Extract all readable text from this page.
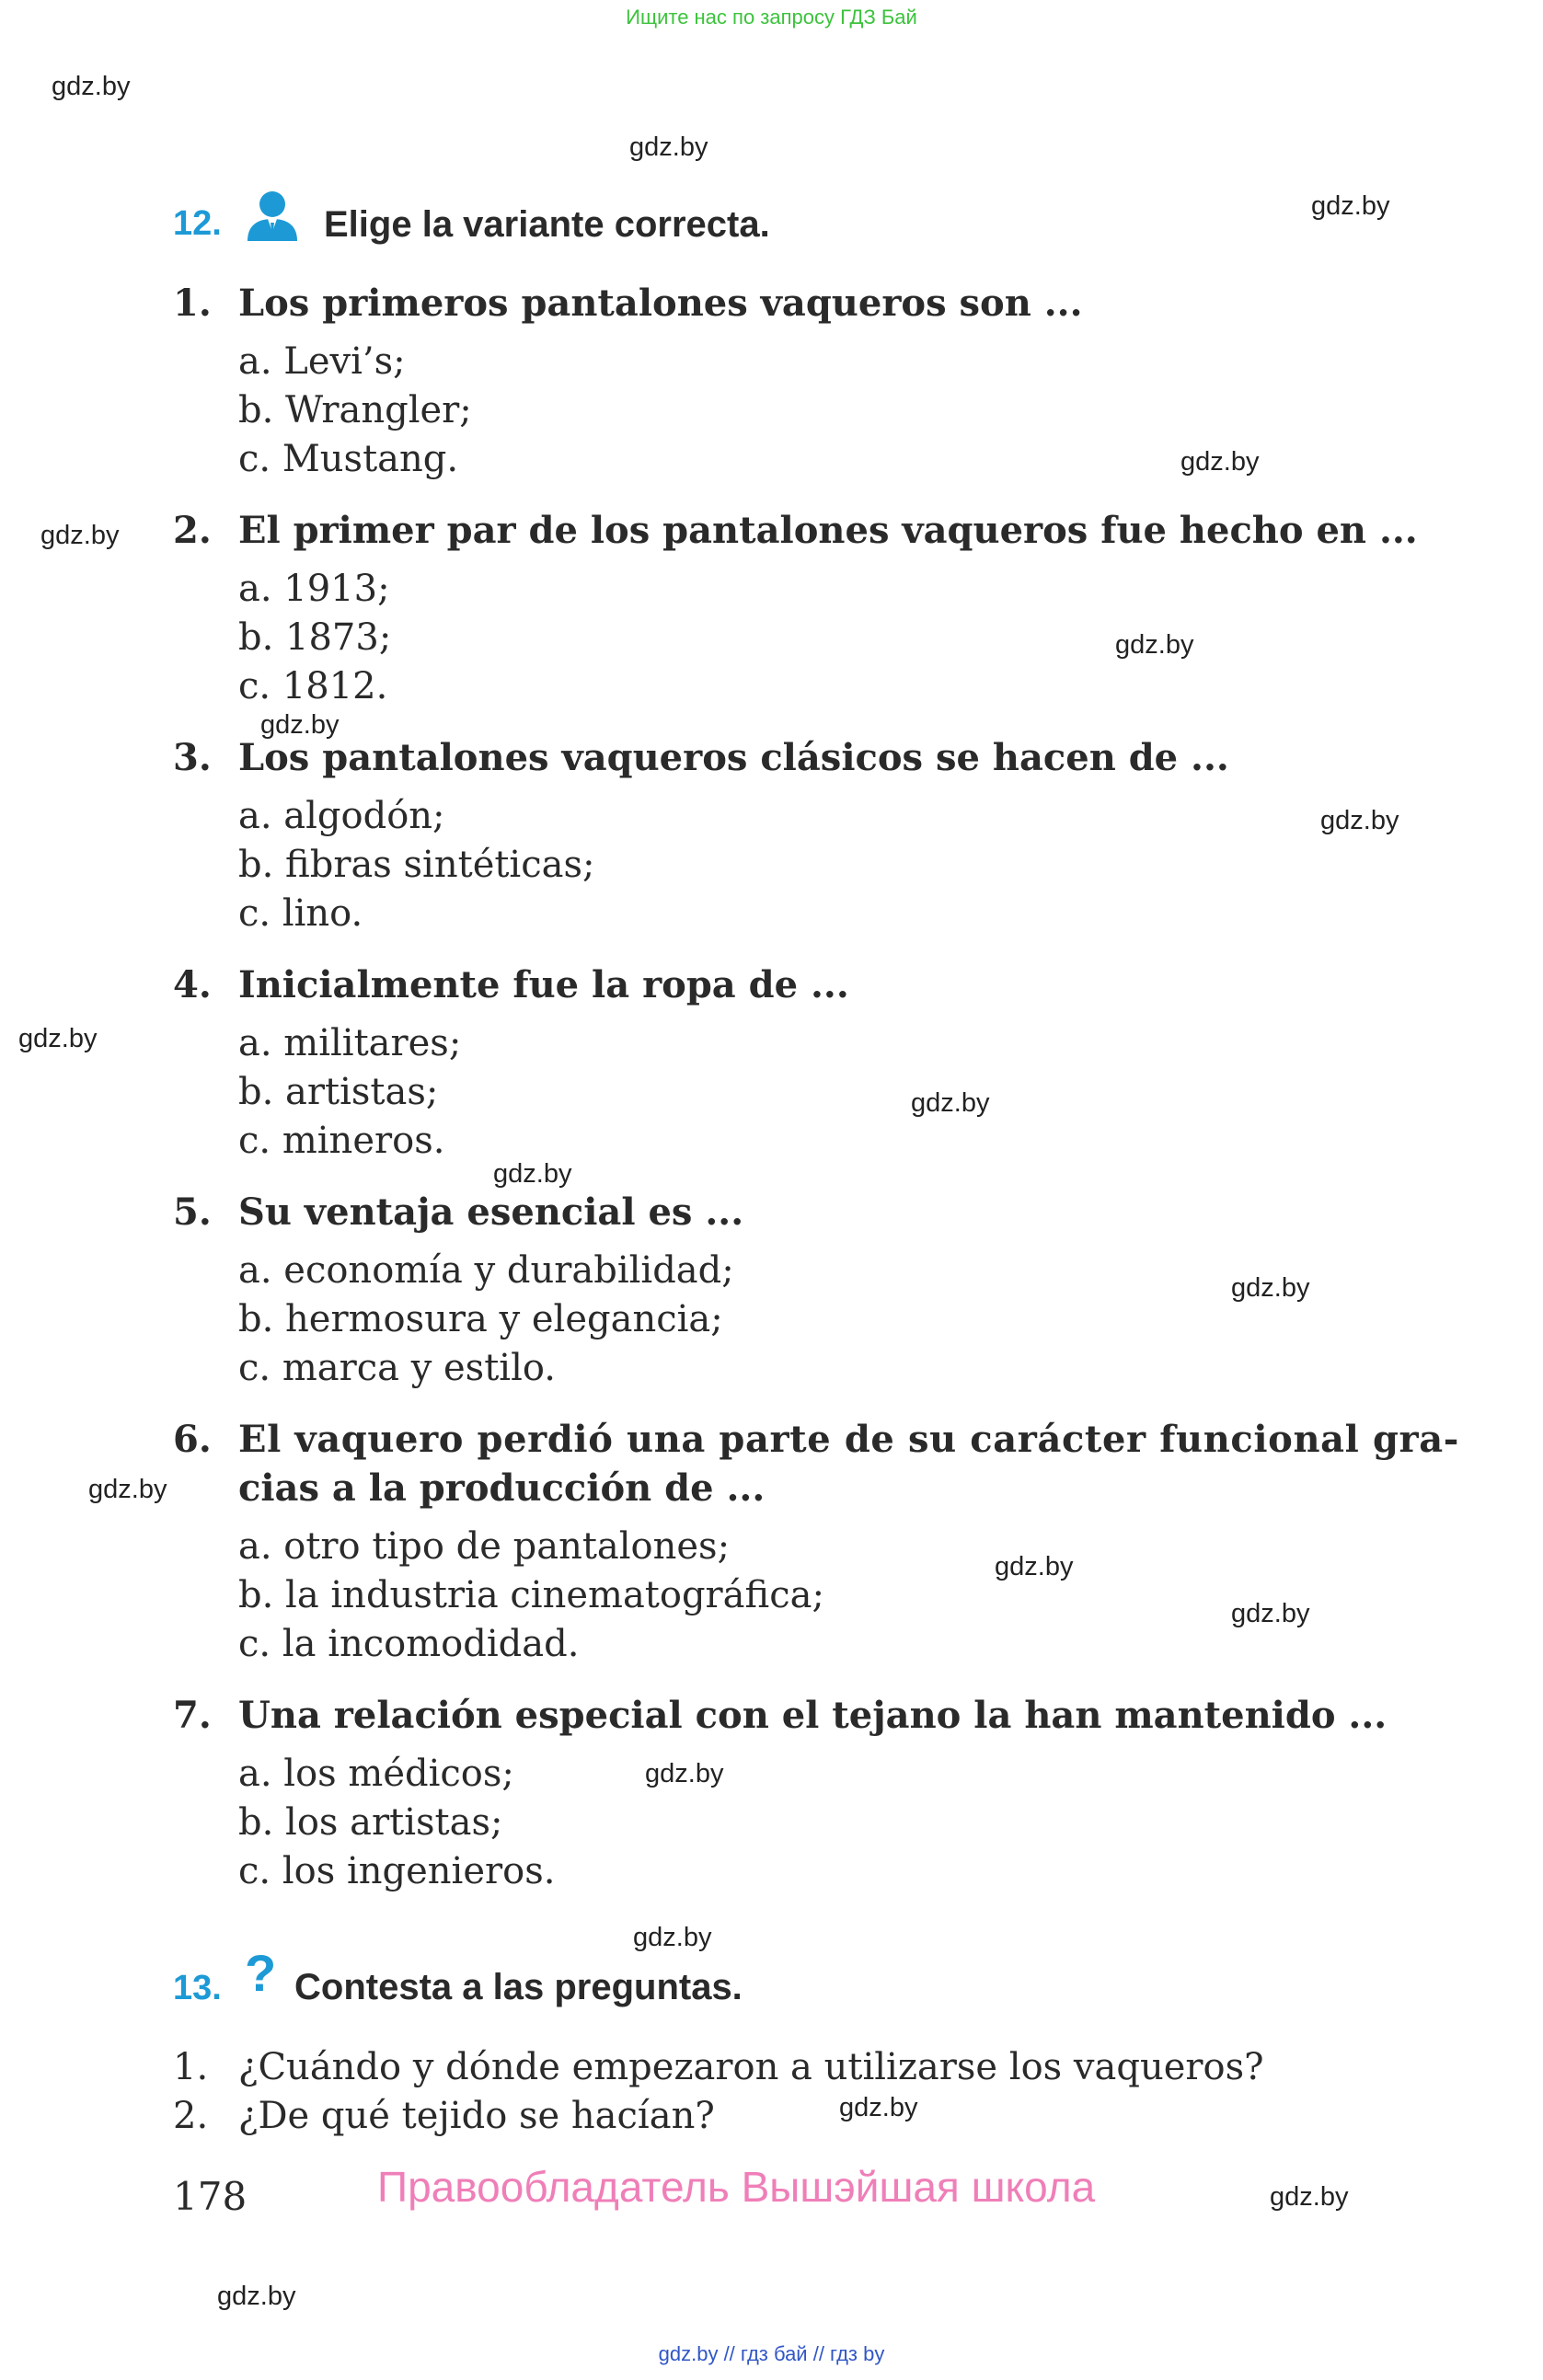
Ищите нас по запросу ГДЗ Бай
gdz.by
gdz.by
gdz.by
gdz.by
gdz.by
gdz.by
gdz.by
gdz.by
gdz.by
gdz.by
gdz.by
gdz.by
gdz.by
gdz.by
gdz.by
gdz.by
gdz.by
gdz.by
gdz.by
gdz.by
12.	Elige la variante correcta.
1. Los primeros pantalones vaqueros son ...
a. Levi’s;
b. Wrangler;
c. Mustang.
2. El primer par de los pantalones vaqueros fue hecho en ...
a. 1913;
b. 1873;
c. 1812.
3. Los pantalones vaqueros clásicos se hacen de ...
a. algodón;
b. fibras sintéticas;
c. lino.
4. Inicialmente fue la ropa de ...
a. militares;
b. artistas;
c. mineros.
5. Su ventaja esencial es ...
a. economía y durabilidad;
b. hermosura y elegancia;
c. marca y estilo.
6. El vaquero perdió una parte de su carácter funcional gra-
cias a la producción de ...
a. otro tipo de pantalones;
b. la industria cinematográfica;
c. la incomodidad.
7. Una relación especial con el tejano la han mantenido ...
a. los médicos;
b. los artistas;
c. los ingenieros.
13. ? Contesta a las preguntas.
1. ¿Cuándo y dónde empezaron a utilizarse los vaqueros?
2. ¿De qué tejido se hacían?
178	Правообладатель Вышэйшая школа
gdz.by // гдз бай // гдз by
